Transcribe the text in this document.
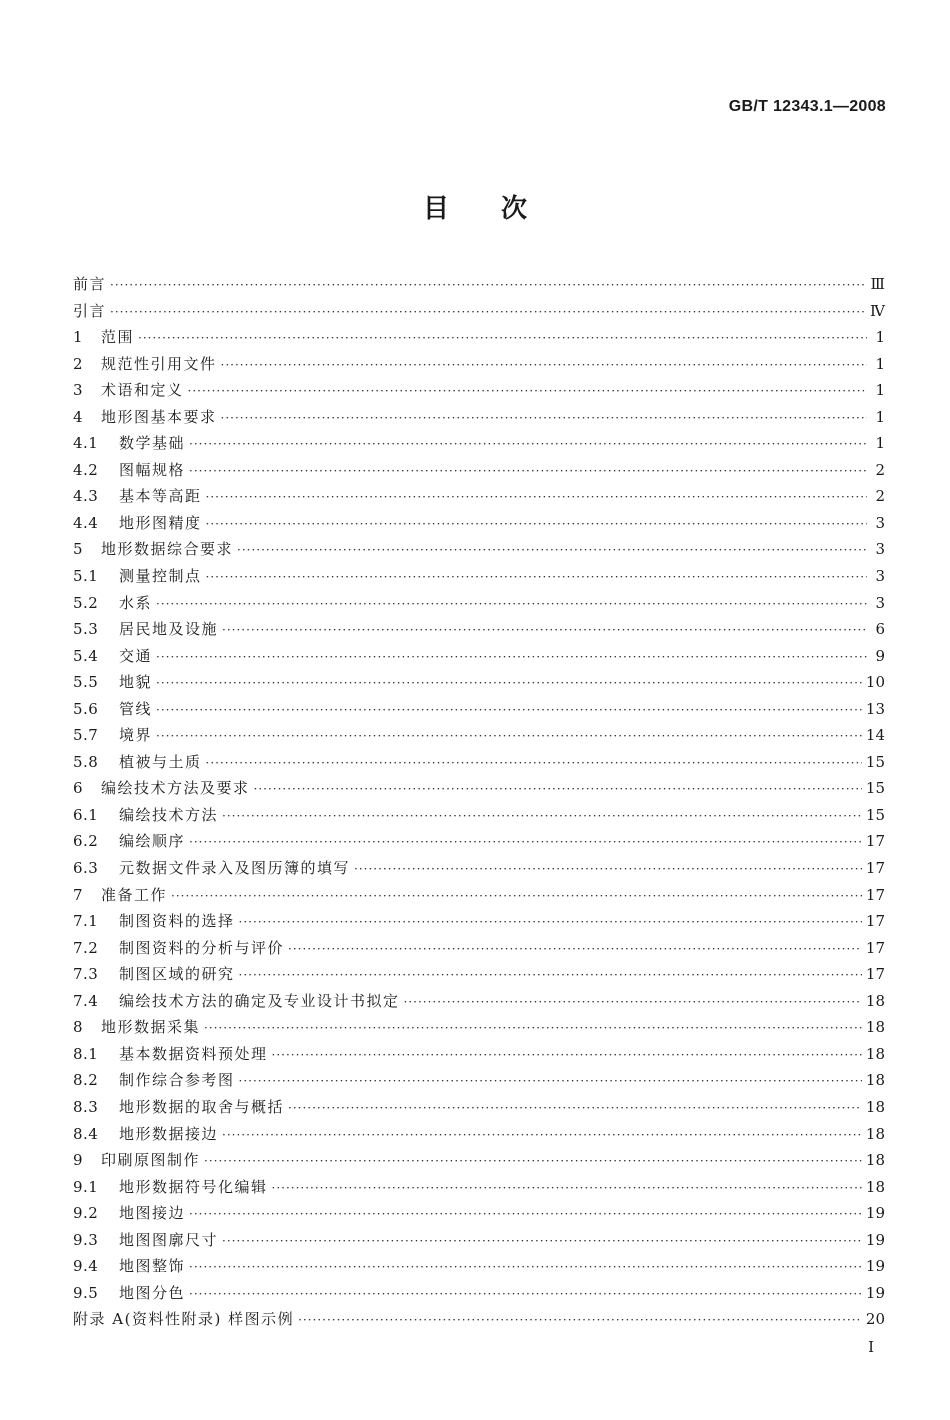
GB/T 12343.1—2008
目 次
前言 ·····	Ⅲ
引言 ·····	Ⅳ
1	范围 ·····	1
2	规范性引用文件 ·····	1
3	术语和定义 ·····	1
4	地形图基本要求 ·····	1
4.1	数学基础 ·····	1
4.2	图幅规格 ·····	2
4.3	基本等高距 ·····	2
4.4	地形图精度 ·····	3
5	地形数据综合要求 ·····	3
5.1	测量控制点 ·····	3
5.2	水系 ·····	3
5.3	居民地及设施 ·····	6
5.4	交通 ·····	9
5.5	地貌 ·····	10
5.6	管线 ·····	13
5.7	境界 ·····	14
5.8	植被与土质 ·····	15
6	编绘技术方法及要求 ·····	15
6.1	编绘技术方法 ·····	15
6.2	编绘顺序 ·····	17
6.3	元数据文件录入及图历簿的填写 ·····	17
7	准备工作 ·····	17
7.1	制图资料的选择 ·····	17
7.2	制图资料的分析与评价 ·····	17
7.3	制图区域的研究 ·····	17
7.4	编绘技术方法的确定及专业设计书拟定 ·····	18
8	地形数据采集 ·····	18
8.1	基本数据资料预处理 ·····	18
8.2	制作综合参考图 ·····	18
8.3	地形数据的取舍与概括 ·····	18
8.4	地形数据接边 ·····	18
9	印刷原图制作 ·····	18
9.1	地形数据符号化编辑 ·····	18
9.2	地图接边 ·····	19
9.3	地图图廓尺寸 ·····	19
9.4	地图整饰 ·····	19
9.5	地图分色 ·····	19
附录 A(资料性附录) 样图示例 ·····	20
I
